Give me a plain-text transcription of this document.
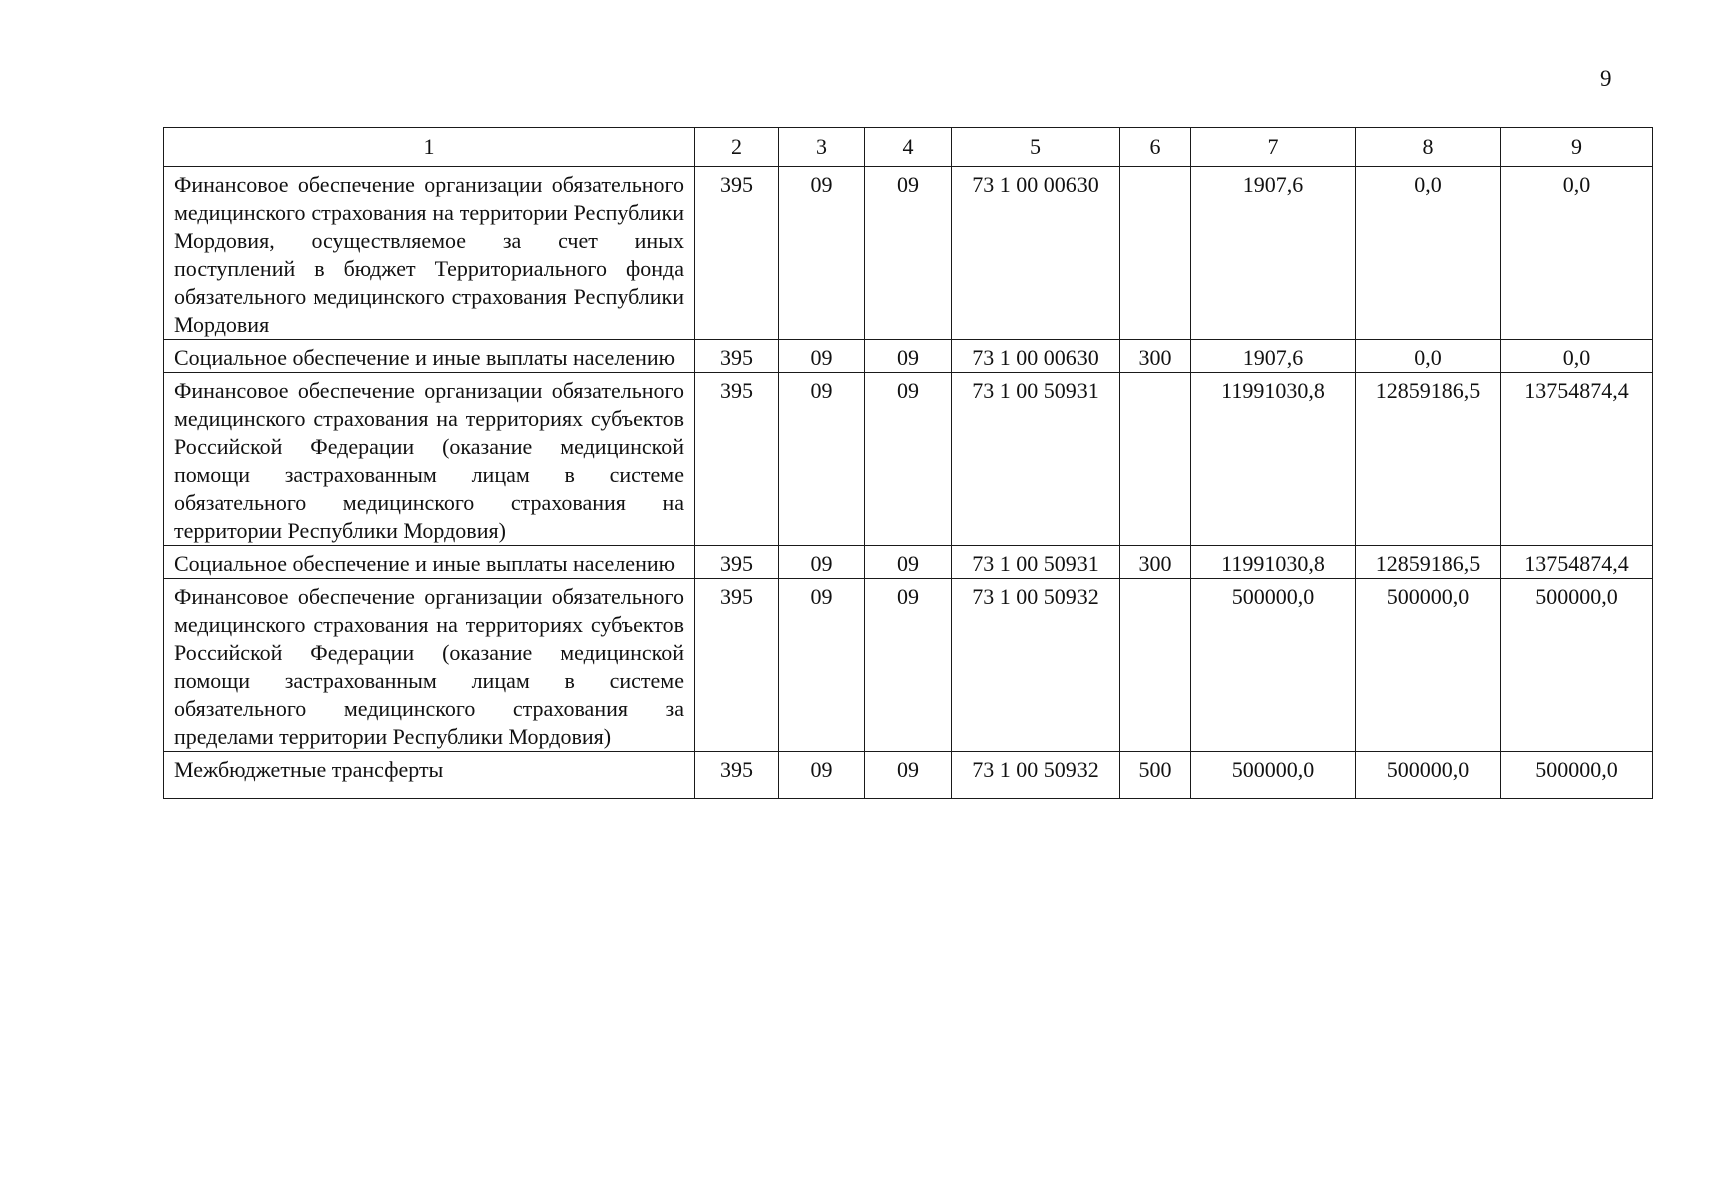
9
1	2	3	4	5	6	7	8	9
Финансовое обеспечение организации обязательного медицинского страхования на территории Республики Мордовия, осуществляемое за счет иных поступлений в бюджет Территориального фонда обязательного медицинского страхования Республики Мордовия	395	09	09	73 1 00 00630		1907,6	0,0	0,0
Социальное обеспечение и иные выплаты населению	395	09	09	73 1 00 00630	300	1907,6	0,0	0,0
Финансовое обеспечение организации обязательного медицинского страхования на территориях субъектов Российской Федерации (оказание медицинской помощи застрахованным лицам в системе обязательного медицинского страхования на территории Республики Мордовия)	395	09	09	73 1 00 50931		11991030,8	12859186,5	13754874,4
Социальное обеспечение и иные выплаты населению	395	09	09	73 1 00 50931	300	11991030,8	12859186,5	13754874,4
Финансовое обеспечение организации обязательного медицинского страхования на территориях субъектов Российской Федерации (оказание медицинской помощи застрахованным лицам в системе обязательного медицинского страхования за пределами территории Республики Мордовия)	395	09	09	73 1 00 50932		500000,0	500000,0	500000,0
Межбюджетные трансферты	395	09	09	73 1 00 50932	500	500000,0	500000,0	500000,0
